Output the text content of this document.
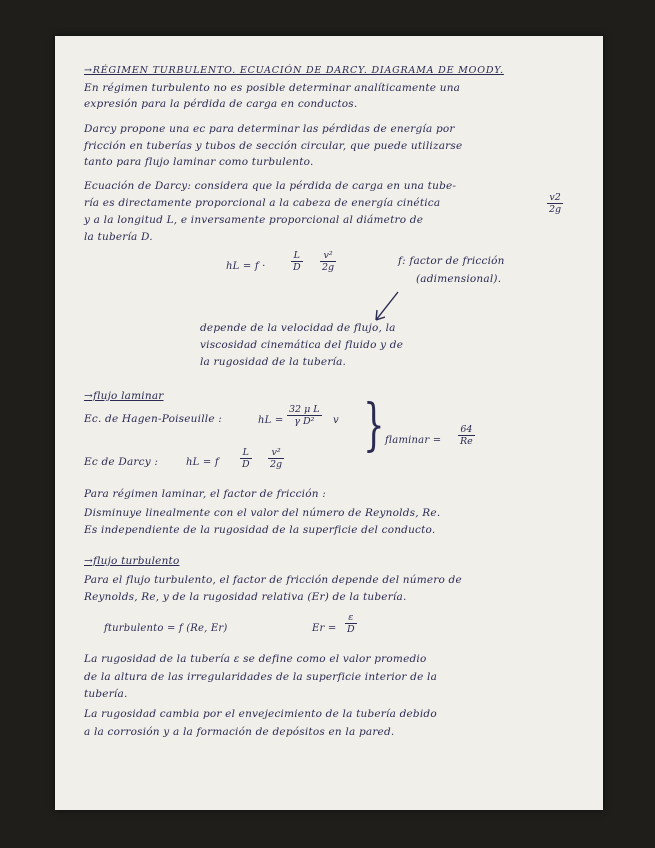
→RÉGIMEN TURBULENTO. ECUACIÓN DE DARCY. DIAGRAMA DE MOODY.
En régimen turbulento no es posible determinar analíticamente una
expresión para la pérdida de carga en conductos.
Darcy propone una ec para determinar las pérdidas de energía por
fricción en tuberías y tubos de sección circular, que puede utilizarse
tanto para flujo laminar como turbulento.
Ecuación de Darcy: considera que la pérdida de carga en una tube-
ría es directamente proporcional a la cabeza de energía cinética	$\frac{v2}{2g}$
y a la longitud L, e inversamente proporcional al diámetro de
la tubería D.
hL = f ·	$\frac{L}{D} \frac{\text{v²}}{2g}$	f: factor de fricción
(adimensional).
depende de la velocidad de flujo, la
viscosidad cinemática del fluido y de
la rugosidad de la tubería.
→flujo laminar
Ec. de Hagen-Poiseuille :	hL = $\frac{\text{32 μ L}}{\text{γ D²}}$ v } flaminar = $\frac{64}{Re}$
Ec de Darcy :	hL = f $\frac{L}{D} \frac{\text{v²}}{2g}$
Para régimen laminar, el factor de fricción :
Disminuye linealmente con el valor del número de Reynolds, Re.
Es independiente de la rugosidad de la superficie del conducto.
→flujo turbulento
Para el flujo turbulento, el factor de fricción depende del número de
Reynolds, Re, y de la rugosidad relativa (Er) de la tubería.
fturbulento = f (Re, Er)	$Er = \frac{\varepsilon}{D}$
La rugosidad de la tubería ε se define como el valor promedio
de la altura de las irregularidades de la superficie interior de la
tubería.
La rugosidad cambia por el envejecimiento de la tubería debido
a la corrosión y a la formación de depósitos en la pared.
